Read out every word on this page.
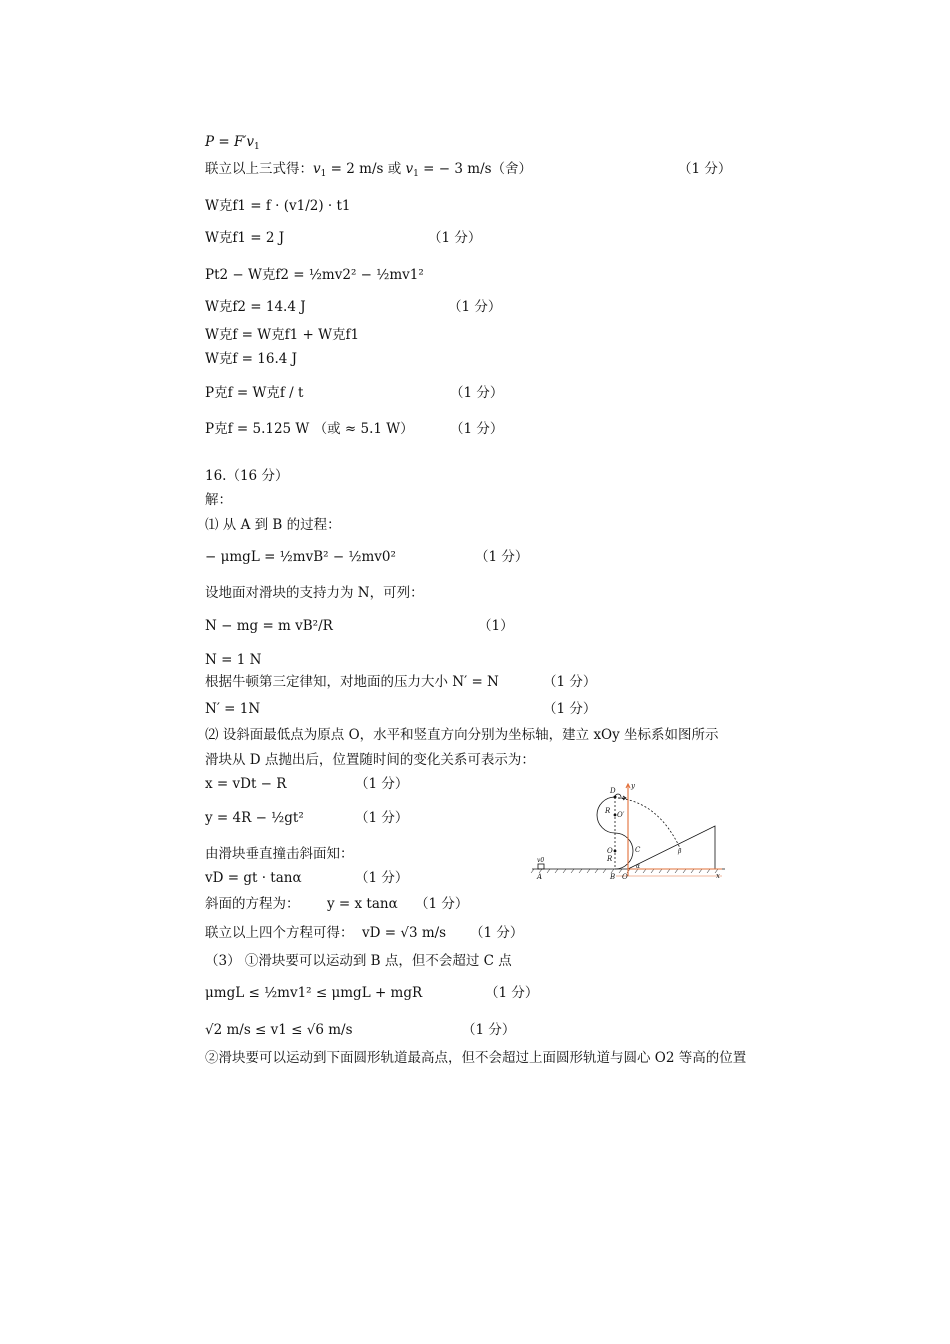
$P = F'v_1$
联立以上三式得：$v_1 = 2$ m/s 或 $v_1$ = − 3 m/s（舍）	（1 分）
W克f1 = f · (v1/2) · t1
W克f1 = 2 J	（1 分）
Pt2 − W克f2 = ½mv2² − ½mv1²
W克f2 = 14.4 J	（1 分）
W克f = W克f1 + W克f1
W克f = 16.4 J
P克f = W克f / t	（1 分）
P克f = 5.125 W （或 ≈ 5.1 W）	（1 分）
16.（16 分）
解：
⑴ 从 A 到 B 的过程：
− μmgL = ½mvB² − ½mv0²	（1 分）
设地面对滑块的支持力为 N，可列：
N − mg = m vB²/R	（1）
N = 1 N
根据牛顿第三定律知，对地面的压力大小 N′ = N	（1 分）
N′ = 1N	（1 分）
⑵ 设斜面最低点为原点 O，水平和竖直方向分别为坐标轴，建立 xOy 坐标系如图所示
滑块从 D 点抛出后，位置随时间的变化关系可表示为：
x = vDt − R	（1 分）
y = 4R − ½gt²	（1 分）
由滑块垂直撞击斜面知：
vD = gt · tanα	（1 分）
斜面的方程为： y = x tanα （1 分）
联立以上四个方程可得： vD = √3 m/s （1 分）
（3） ①滑块要可以运动到 B 点，但不会超过 C 点
μmgL ≤ ½mv1² ≤ μmgL + mgR	（1 分）
√2 m/s ≤ v1 ≤ √6 m/s	（1 分）
②滑块要可以运动到下面圆形轨道最高点，但不会超过上面圆形轨道与圆心 O2 等高的位置
D
R O′
O
R
C
A	B O	x
y
v0
α
β
